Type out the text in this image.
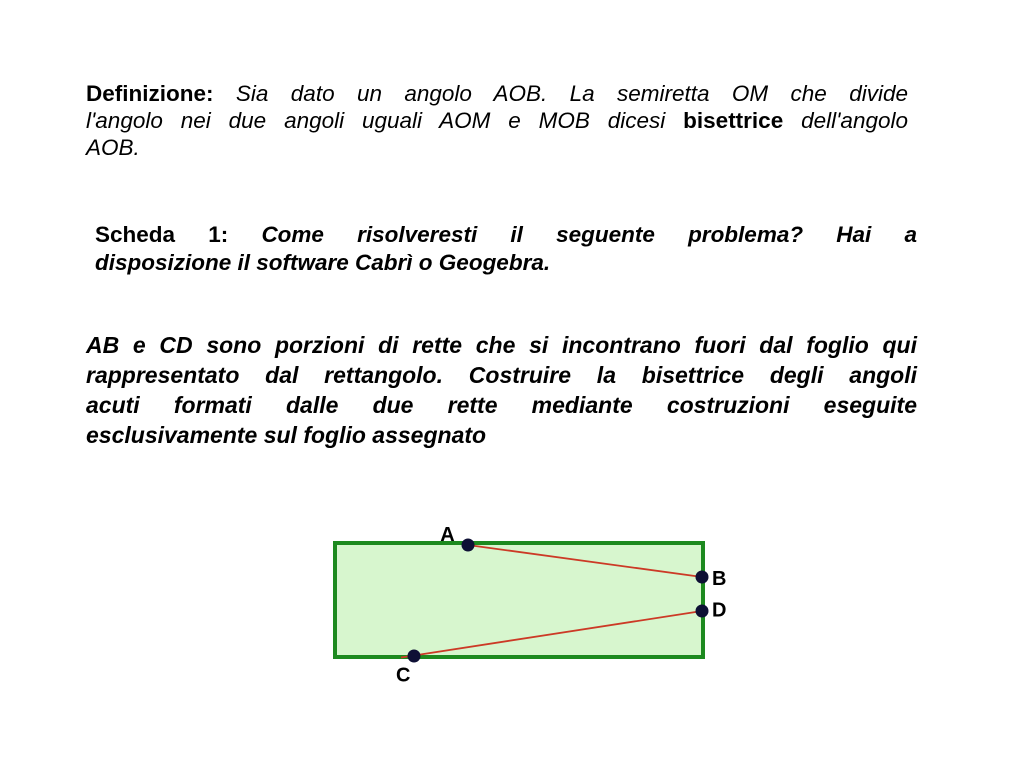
Definizione: Sia dato un angolo AOB. La semiretta OM che divide
l'angolo nei due angoli uguali AOM e MOB dicesi bisettrice dell'angolo
AOB.
Scheda 1: Come risolveresti il seguente problema? Hai a
disposizione il software Cabrì o Geogebra.
AB e CD sono porzioni di rette che si incontrano fuori dal foglio qui
rappresentato dal rettangolo. Costruire la bisettrice degli angoli
acuti formati dalle due rette mediante costruzioni eseguite
esclusivamente sul foglio assegnato
A
B
C
D
